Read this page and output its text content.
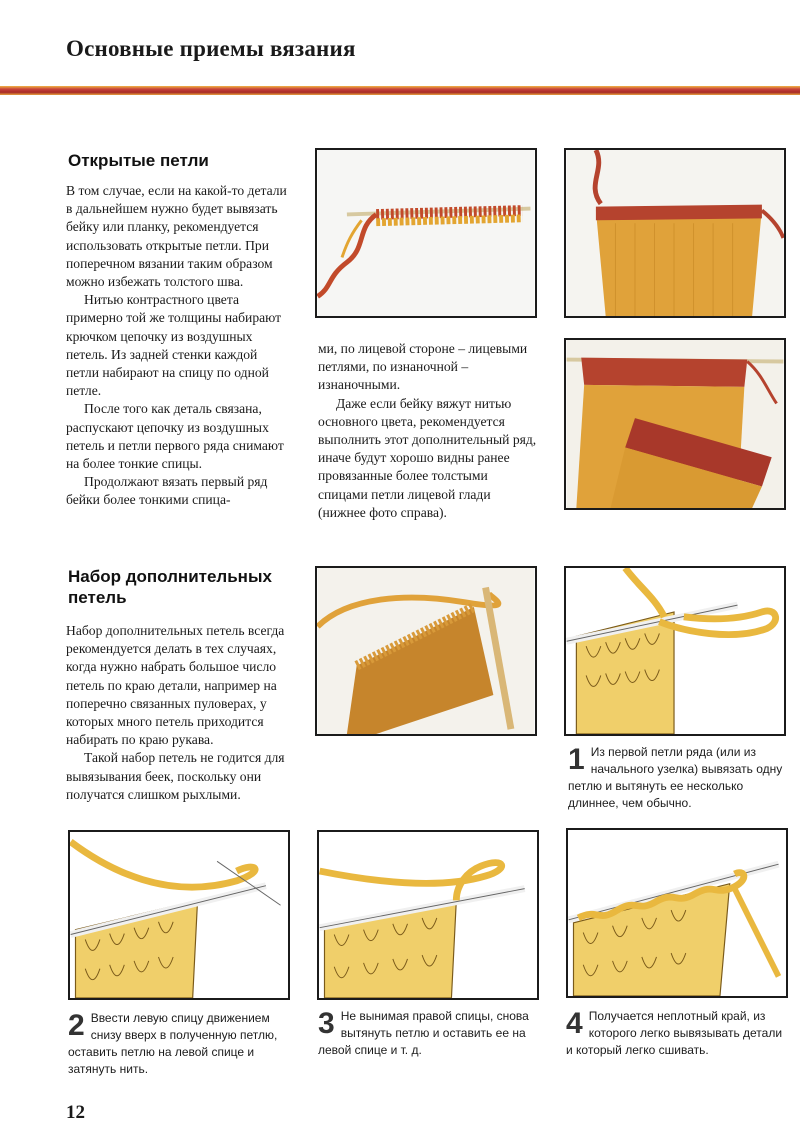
Основные приемы вязания
Открытые петли

В том случае, если на какой-то детали в дальнейшем нужно будет вывязать бейку или планку, рекомендуется использовать открытые петли. При поперечном вязании таким образом можно избежать толстого шва.

Нитью контрастного цвета примерно той же толщины набирают крючком цепочку из воздушных петель. Из задней стенки каждой петли набирают на спицу по одной петле.

После того как деталь связана, распускают цепочку из воздушных петель и петли первого ряда снимают на более тонкие спицы.

Продолжают вязать первый ряд бейки более тонкими спица-

ми, по лицевой стороне – лицевыми петлями, по изнаночной – изнаночными.

Даже если бейку вяжут нитью основного цвета, рекомендуется выполнить этот дополнительный ряд, иначе будут хорошо видны ранее провязанные более толстыми спицами петли лицевой глади (нижнее фото справа).

Набор дополнительных петель

Набор дополнительных петель всегда рекомендуется делать в тех случаях, когда нужно набрать большое число петель по краю детали, например на поперечно связанных пуловерах, у которых много петель приходится набирать по краю рукава.

Такой набор петель не годится для вывязывания беек, поскольку они получатся слишком рыхлыми.

1 Из первой петли ряда (или из начального узелка) вывязать одну петлю и вытянуть ее несколько длиннее, чем обычно.
2 Ввести левую спицу движением снизу вверх в полученную петлю, оставить петлю на левой спице и затянуть нить.
3 Не вынимая правой спицы, снова вытянуть петлю и оставить ее на левой спице и т. д.
4 Получается неплотный край, из которого легко вывязывать детали и который легко сшивать.
12
